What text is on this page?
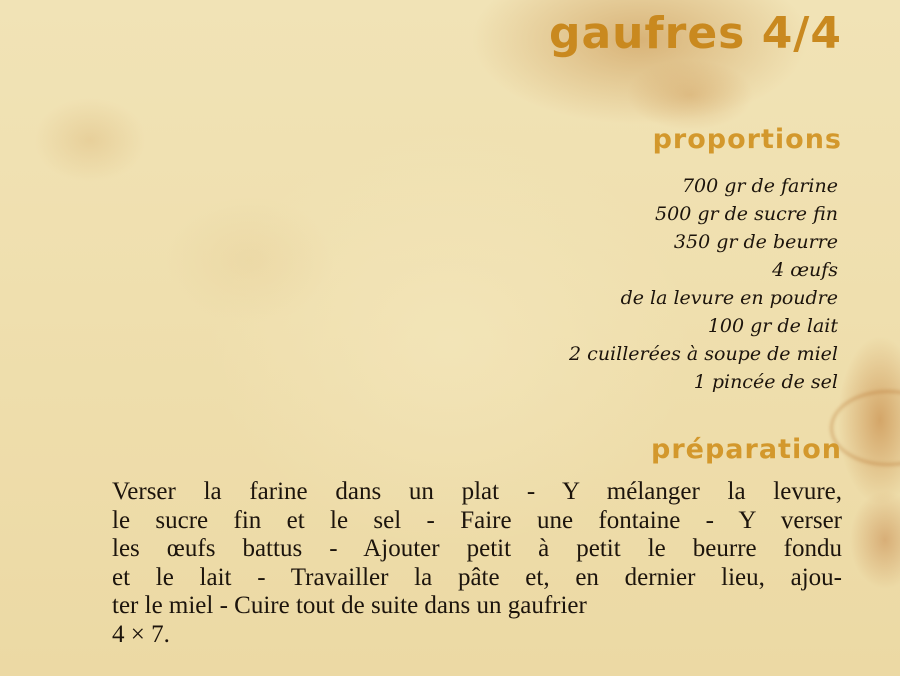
gaufres 4/4
proportions
700 gr de farine
500 gr de sucre fin
350 gr de beurre
4 œufs
de la levure en poudre
100 gr de lait
2 cuillerées à soupe de miel
1 pincée de sel
préparation
Verser la farine dans un plat - Y mélanger la levure,
le sucre fin et le sel - Faire une fontaine - Y verser
les œufs battus - Ajouter petit à petit le beurre fondu
et le lait - Travailler la pâte et, en dernier lieu, ajou-
ter le miel - Cuire tout de suite dans un gaufrier
4 × 7.
